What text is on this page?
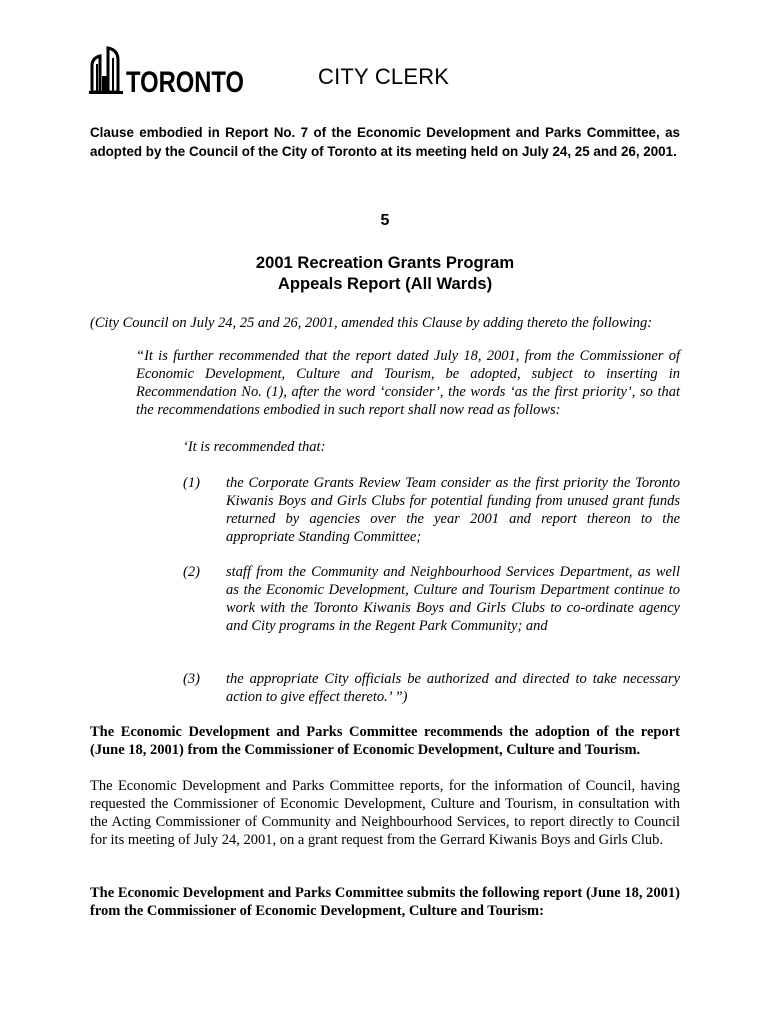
TORONTO	CITY CLERK

Clause embodied in Report No. 7 of the Economic Development and Parks Committee, as adopted by the Council of the City of Toronto at its meeting held on July 24, 25 and 26, 2001.

5
2001 Recreation Grants Program
Appeals Report (All Wards)

(City Council on July 24, 25 and 26, 2001, amended this Clause by adding thereto the following:

“It is further recommended that the report dated July 18, 2001, from the Commissioner of Economic Development, Culture and Tourism, be adopted, subject to inserting in Recommendation No. (1), after the word ‘consider’, the words ‘as the first priority’, so that the recommendations embodied in such report shall now read as follows:

‘It is recommended that:

(1)	the Corporate Grants Review Team consider as the first priority the Toronto Kiwanis Boys and Girls Clubs for potential funding from unused grant funds returned by agencies over the year 2001 and report thereon to the appropriate Standing Committee;
(2)	staff from the Community and Neighbourhood Services Department, as well as the Economic Development, Culture and Tourism Department continue to work with the Toronto Kiwanis Boys and Girls Clubs to co-ordinate agency and City programs in the Regent Park Community; and
(3)	the appropriate City officials be authorized and directed to take necessary action to give effect thereto.’ ”)

The Economic Development and Parks Committee recommends the adoption of the report (June 18, 2001) from the Commissioner of Economic Development, Culture and Tourism.

The Economic Development and Parks Committee reports, for the information of Council, having requested the Commissioner of Economic Development, Culture and Tourism, in consultation with the Acting Commissioner of Community and Neighbourhood Services, to report directly to Council for its meeting of July 24, 2001, on a grant request from the Gerrard Kiwanis Boys and Girls Club.

The Economic Development and Parks Committee submits the following report (June 18, 2001) from the Commissioner of Economic Development, Culture and Tourism:
